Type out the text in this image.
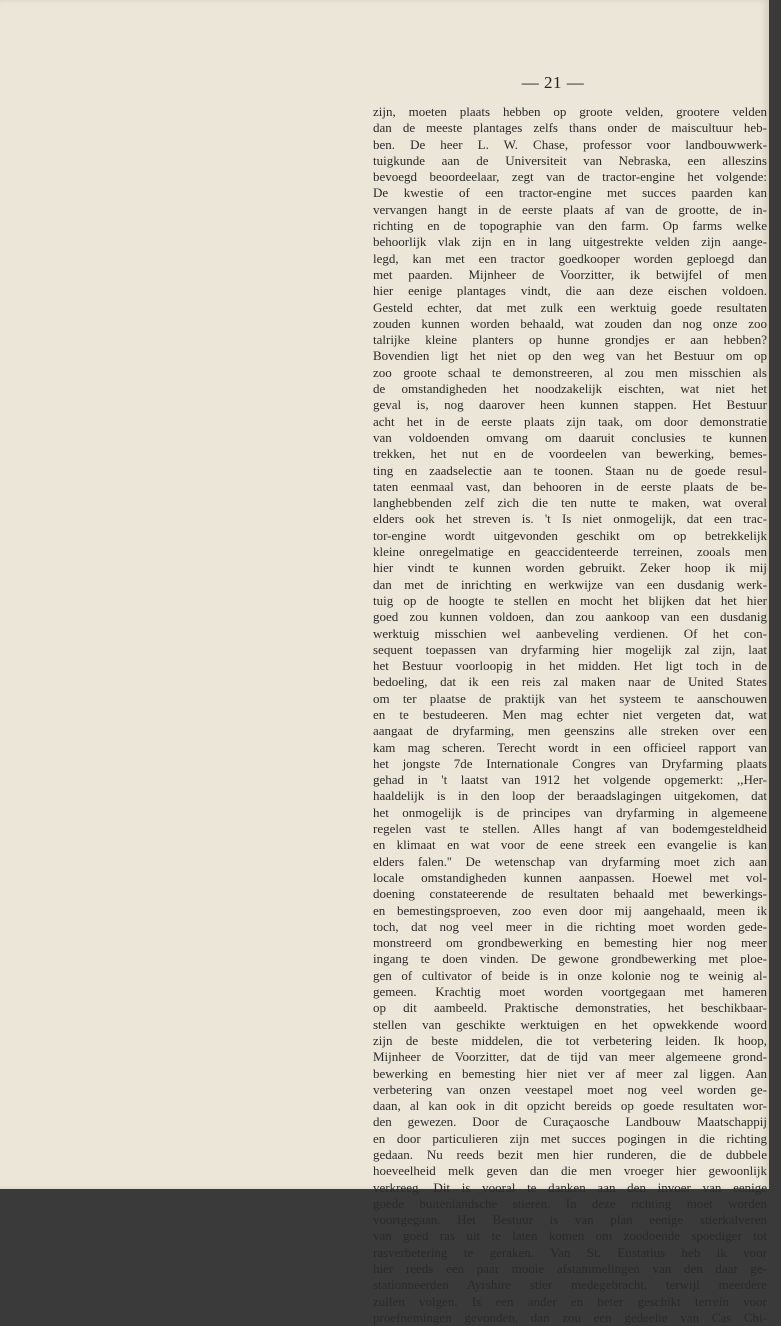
— 21 —
zijn, moeten plaats hebben op groote velden, grootere velden
dan de meeste plantages zelfs thans onder de maiscultuur heb-
ben. De heer L. W. Chase, professor voor landbouwwerk-
tuigkunde aan de Universiteit van Nebraska, een alleszins
bevoegd beoordeelaar, zegt van de tractor-engine het volgende:
De kwestie of een tractor-engine met succes paarden kan
vervangen hangt in de eerste plaats af van de grootte, de in-
richting en de topographie van den farm. Op farms welke
behoorlijk vlak zijn en in lang uitgestrekte velden zijn aange-
legd, kan met een tractor goedkooper worden geploegd dan
met paarden. Mijnheer de Voorzitter, ik betwijfel of men
hier eenige plantages vindt, die aan deze eischen voldoen.
Gesteld echter, dat met zulk een werktuig goede resultaten
zouden kunnen worden behaald, wat zouden dan nog onze zoo
talrijke kleine planters op hunne grondjes er aan hebben?
Bovendien ligt het niet op den weg van het Bestuur om op
zoo groote schaal te demonstreeren, al zou men misschien als
de omstandigheden het noodzakelijk eischten, wat niet het
geval is, nog daarover heen kunnen stappen. Het Bestuur
acht het in de eerste plaats zijn taak, om door demonstratie
van voldoenden omvang om daaruit conclusies te kunnen
trekken, het nut en de voordeelen van bewerking, bemes-
ting en zaadselectie aan te toonen. Staan nu de goede resul-
taten eenmaal vast, dan behooren in de eerste plaats de be-
langhebbenden zelf zich die ten nutte te maken, wat overal
elders ook het streven is. 't Is niet onmogelijk, dat een trac-
tor-engine wordt uitgevonden geschikt om op betrekkelijk
kleine onregelmatige en geaccidenteerde terreinen, zooals men
hier vindt te kunnen worden gebruikt. Zeker hoop ik mij
dan met de inrichting en werkwijze van een dusdanig werk-
tuig op de hoogte te stellen en mocht het blijken dat het hier
goed zou kunnen voldoen, dan zou aankoop van een dusdanig
werktuig misschien wel aanbeveling verdienen. Of het con-
sequent toepassen van dryfarming hier mogelijk zal zijn, laat
het Bestuur voorloopig in het midden. Het ligt toch in de
bedoeling, dat ik een reis zal maken naar de United States
om ter plaatse de praktijk van het systeem te aanschouwen
en te bestudeeren. Men mag echter niet vergeten dat, wat
aangaat de dryfarming, men geenszins alle streken over een
kam mag scheren. Terecht wordt in een officieel rapport van
het jongste 7de Internationale Congres van Dryfarming plaats
gehad in 't laatst van 1912 het volgende opgemerkt: ,,Her-
haaldelijk is in den loop der beraadslagingen uitgekomen, dat
het onmogelijk is de principes van dryfarming in algemeene
regelen vast te stellen. Alles hangt af van bodemgesteldheid
en klimaat en wat voor de eene streek een evangelie is kan
elders falen.'' De wetenschap van dryfarming moet zich aan
locale omstandigheden kunnen aanpassen. Hoewel met vol-
doening constateerende de resultaten behaald met bewerkings-
en bemestingsproeven, zoo even door mij aangehaald, meen ik
toch, dat nog veel meer in die richting moet worden gede-
monstreerd om grondbewerking en bemesting hier nog meer
ingang te doen vinden. De gewone grondbewerking met ploe-
gen of cultivator of beide is in onze kolonie nog te weinig al-
gemeen. Krachtig moet worden voortgegaan met hameren
op dit aambeeld. Praktische demonstraties, het beschikbaar-
stellen van geschikte werktuigen en het opwekkende woord
zijn de beste middelen, die tot verbetering leiden. Ik hoop,
Mijnheer de Voorzitter, dat de tijd van meer algemeene grond-
bewerking en bemesting hier niet ver af meer zal liggen. Aan
verbetering van onzen veestapel moet nog veel worden ge-
daan, al kan ook in dit opzicht bereids op goede resultaten wor-
den gewezen. Door de Curaçaosche Landbouw Maatschappij
en door particulieren zijn met succes pogingen in die richting
gedaan. Nu reeds bezit men hier runderen, die de dubbele
hoeveelheid melk geven dan die men vroeger hier gewoonlijk
verkreeg. Dit is vooral te danken aan den invoer van eenige
goede buitenlandsche stieren. In deze richting moet worden
voortgegaan. Het Bestuur is van plan eenige stierkalveren
van goed ras uit te laten komen om zoodoende spoediger tot
rasverbetering te geraken. Van St. Eustatius heb ik voor
hier reeds een paar mooie afstammelingen van den daar ge-
stationneerden Ayrshire stier medegebracht, terwijl meerdere
zullen volgen. Is een ander en beter geschikt terrein voor
proefnemingen gevonden, dan zou een gedeelte van Cas Chi-
